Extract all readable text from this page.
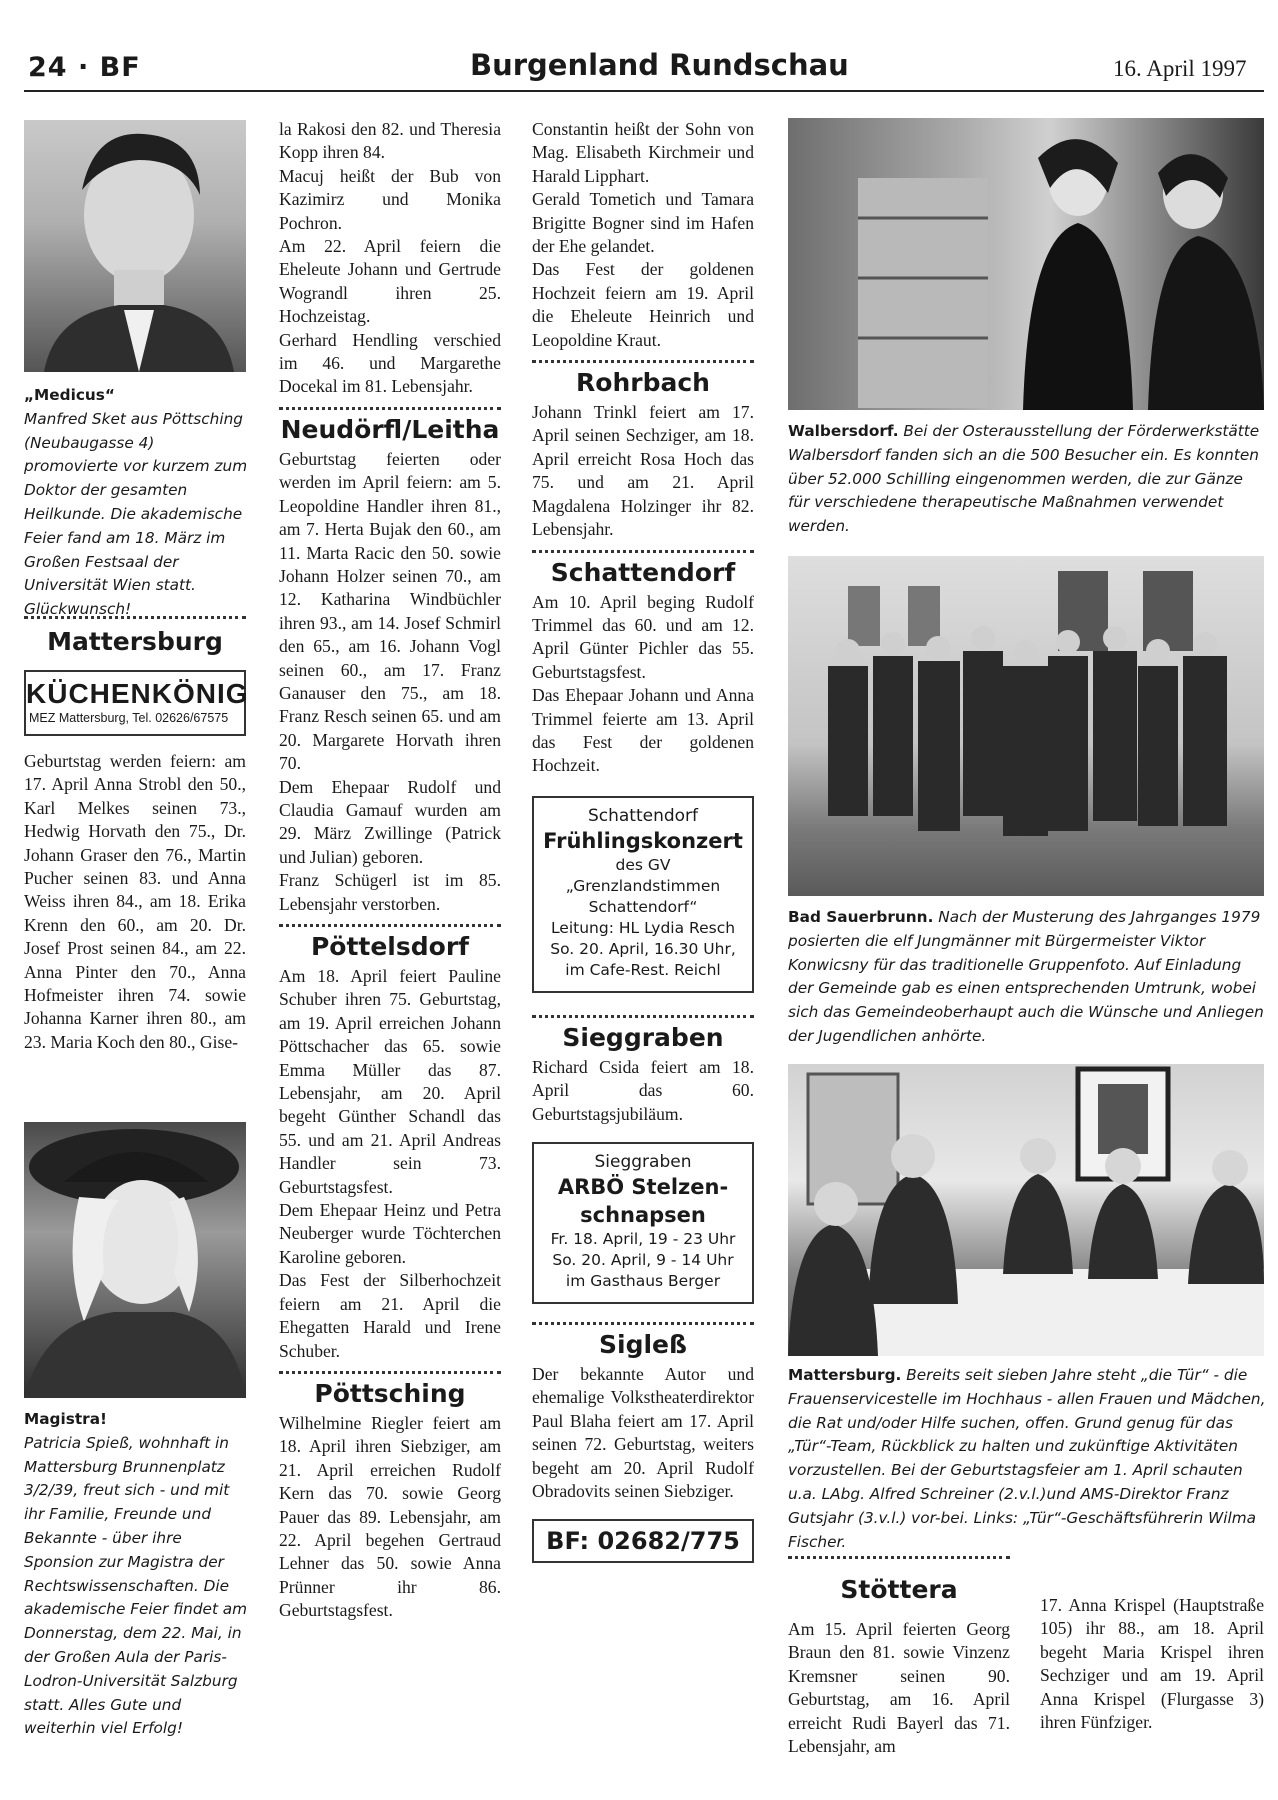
24 · BF	Burgenland Rundschau	16. April 1997
„Medicus“
Manfred Sket aus Pöttsching (Neubaugasse 4) promovierte vor kurzem zum Doktor der gesamten Heilkunde. Die akademische Feier fand am 18. März im Großen Festsaal der Universität Wien statt. Glückwunsch!
Mattersburg
KÜCHENKÖNIG
MEZ Mattersburg, Tel. 02626/67575

Geburtstag werden feiern: am 17. April Anna Strobl den 50., Karl Melkes seinen 73., Hedwig Horvath den 75., Dr. Johann Graser den 76., Martin Pucher seinen 83. und Anna Weiss ihren 84., am 18. Erika Krenn den 60., am 20. Dr. Josef Prost seinen 84., am 22. Anna Pinter den 70., Anna Hofmeister ihren 74. sowie Johanna Karner ihren 80., am 23. Maria Koch den 80., Gise-

Magistra!
Patricia Spieß, wohnhaft in Mattersburg Brunnenplatz 3/2/39, freut sich - und mit ihr Familie, Freunde und Bekannte - über ihre Sponsion zur Magistra der Rechtswissenschaften. Die akademische Feier findet am Donnerstag, dem 22. Mai, in der Großen Aula der Paris-Lodron-Universität Salzburg statt. Alles Gute und weiterhin viel Erfolg!

la Rakosi den 82. und Theresia Kopp ihren 84.

Macuj heißt der Bub von Kazimirz und Monika Pochron.

Am 22. April feiern die Eheleute Johann und Gertrude Wograndl ihren 25. Hochzeistag.

Gerhard Hendling verschied im 46. und Margarethe Docekal im 81. Lebensjahr.

Neudörfl/Leitha

Geburtstag feierten oder werden im April feiern: am 5. Leopoldine Handler ihren 81., am 7. Herta Bujak den 60., am 11. Marta Racic den 50. sowie Johann Holzer seinen 70., am 12. Katharina Windbüchler ihren 93., am 14. Josef Schmirl den 65., am 16. Johann Vogl seinen 60., am 17. Franz Ganauser den 75., am 18. Franz Resch seinen 65. und am 20. Margarete Horvath ihren 70.

Dem Ehepaar Rudolf und Claudia Gamauf wurden am 29. März Zwillinge (Patrick und Julian) geboren.

Franz Schügerl ist im 85. Lebensjahr verstorben.

Pöttelsdorf

Am 18. April feiert Pauline Schuber ihren 75. Geburtstag, am 19. April erreichen Johann Pöttschacher das 65. sowie Emma Müller das 87. Lebensjahr, am 20. April begeht Günther Schandl das 55. und am 21. April Andreas Handler sein 73. Geburtstagsfest.

Dem Ehepaar Heinz und Petra Neuberger wurde Töchterchen Karoline geboren.

Das Fest der Silberhochzeit feiern am 21. April die Ehegatten Harald und Irene Schuber.

Pöttsching

Wilhelmine Riegler feiert am 18. April ihren Siebziger, am 21. April erreichen Rudolf Kern das 70. sowie Georg Pauer das 89. Lebensjahr, am 22. April begehen Gertraud Lehner das 50. sowie Anna Prünner ihr 86. Geburtstagsfest.

Constantin heißt der Sohn von Mag. Elisabeth Kirchmeir und Harald Lipphart.

Gerald Tometich und Tamara Brigitte Bogner sind im Hafen der Ehe gelandet.

Das Fest der goldenen Hochzeit feiern am 19. April die Eheleute Heinrich und Leopoldine Kraut.

Rohrbach

Johann Trinkl feiert am 17. April seinen Sechziger, am 18. April erreicht Rosa Hoch das 75. und am 21. April Magdalena Holzinger ihr 82. Lebensjahr.

Schattendorf

Am 10. April beging Rudolf Trimmel das 60. und am 12. April Günter Pichler das 55. Geburtstagsfest.

Das Ehepaar Johann und Anna Trimmel feierte am 13. April das Fest der goldenen Hochzeit.

Schattendorf
Frühlingskonzert
des GV „Grenzlandstimmen Schattendorf“
Leitung: HL Lydia Resch
So. 20. April, 16.30 Uhr,
im Cafe-Rest. Reichl
Sieggraben

Richard Csida feiert am 18. April das 60. Geburtstagsjubiläum.

Sieggraben
ARBÖ Stelzen-
schnapsen
Fr. 18. April, 19 - 23 Uhr
So. 20. April, 9 - 14 Uhr
im Gasthaus Berger
Sigleß

Der bekannte Autor und ehemalige Volkstheaterdirektor Paul Blaha feiert am 17. April seinen 72. Geburtstag, weiters begeht am 20. April Rudolf Obradovits seinen Siebziger.

BF: 02682/775
Walbersdorf. Bei der Osterausstellung der Förderwerkstätte Walbersdorf fanden sich an die 500 Besucher ein. Es konnten über 52.000 Schilling eingenommen werden, die zur Gänze für verschiedene therapeutische Maßnahmen verwendet werden.
Bad Sauerbrunn. Nach der Musterung des Jahrganges 1979 posierten die elf Jungmänner mit Bürgermeister Viktor Konwicsny für das traditionelle Gruppenfoto. Auf Einladung der Gemeinde gab es einen entsprechenden Umtrunk, wobei sich das Gemeindeoberhaupt auch die Wünsche und Anliegen der Jugendlichen anhörte.
Mattersburg. Bereits seit sieben Jahre steht „die Tür“ - die Frauenservicestelle im Hochhaus - allen Frauen und Mädchen, die Rat und/oder Hilfe suchen, offen. Grund genug für das „Tür“-Team, Rückblick zu halten und zukünftige Aktivitäten vorzustellen. Bei der Geburtstagsfeier am 1. April schauten u.a. LAbg. Alfred Schreiner (2.v.l.)und AMS-Direktor Franz Gutsjahr (3.v.l.) vor-bei. Links: „Tür“-Geschäftsführerin Wilma Fischer.
Stöttera

Am 15. April feierten Georg Braun den 81. sowie Vinzenz Kremsner seinen 90. Geburtstag, am 16. April erreicht Rudi Bayerl das 71. Lebensjahr, am

17. Anna Krispel (Hauptstraße 105) ihr 88., am 18. April begeht Maria Krispel ihren Sechziger und am 19. April Anna Krispel (Flurgasse 3) ihren Fünfziger.
